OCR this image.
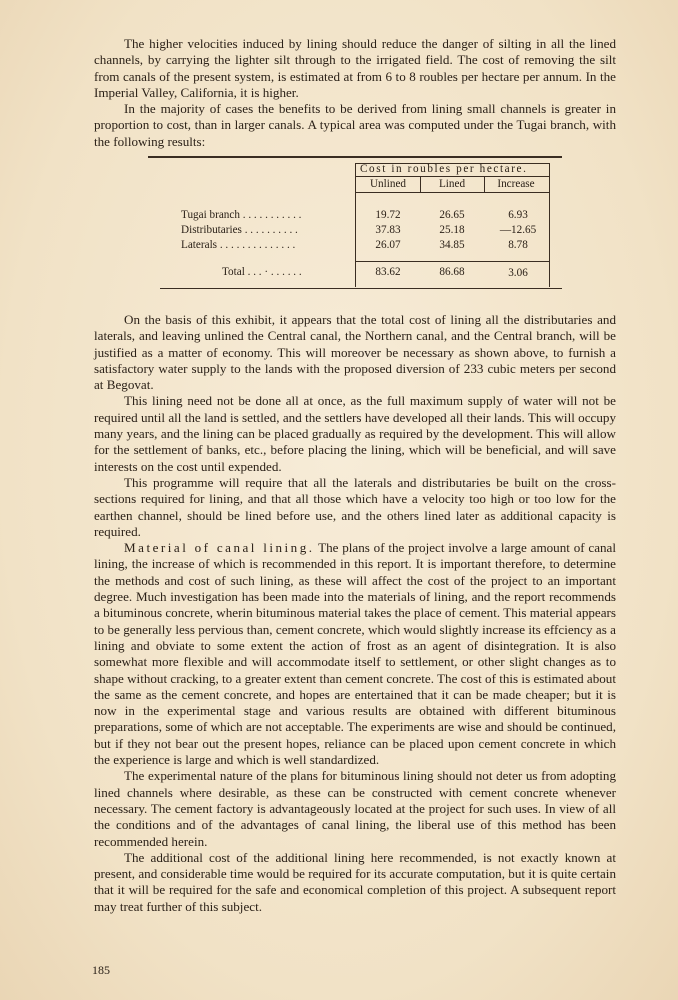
The higher velocities induced by lining should reduce the danger of silting in all the lined channels, by carrying the lighter silt through to the irrigated field. The cost of removing the silt from canals of the present system, is estimated at from 6 to 8 roubles per hectare per annum. In the Imperial Valley, California, it is higher.

In the majority of cases the benefits to be derived from lining small channels is greater in proportion to cost, than in larger canals. A typical area was computed under the Tugai branch, with the following results:

Cost in roubles per hectare.
Unlined	Lined	Increase
Tugai branch . . . . . . . . . . .	19.72	26.65	6.93
Distributaries . . . . . . . . . .	37.83	25.18	—12.65
Laterals . . . . . . . . . . . . . .	26.07	34.85	8.78
Total . . . · . . . . . .	83.62	86.68	3.06

On the basis of this exhibit, it appears that the total cost of lining all the distributaries and laterals, and leaving unlined the Central canal, the Northern canal, and the Central branch, will be justified as a matter of economy. This will moreover be necessary as shown above, to furnish a satisfactory water supply to the lands with the proposed diversion of 233 cubic meters per second at Begovat.

This lining need not be done all at once, as the full maximum supply of water will not be required until all the land is settled, and the settlers have developed all their lands. This will occupy many years, and the lining can be placed gradually as required by the development. This will allow for the settlement of banks, etc., before placing the lining, which will be beneficial, and will save interests on the cost until expended.

This programme will require that all the laterals and distributaries be built on the cross-sections required for lining, and that all those which have a velocity too high or too low for the earthen channel, should be lined before use, and the others lined later as additional capacity is required.

Material of canal lining. The plans of the project involve a large amount of canal lining, the increase of which is recommended in this report. It is important therefore, to determine the methods and cost of such lining, as these will affect the cost of the project to an important degree. Much investigation has been made into the materials of lining, and the report recommends a bituminous concrete, wherin bituminous material takes the place of cement. This material appears to be generally less pervious than, cement concrete, which would slightly increase its effciency as a lining and obviate to some extent the action of frost as an agent of disintegration. It is also somewhat more flexible and will accommodate itself to settlement, or other slight changes as to shape without cracking, to a greater extent than cement concrete. The cost of this is estimated about the same as the cement concrete, and hopes are entertained that it can be made cheaper; but it is now in the experimental stage and various results are obtained with different bituminous preparations, some of which are not acceptable. The experiments are wise and should be continued, but if they not bear out the present hopes, reliance can be placed upon cement concrete in which the experience is large and which is well standardized.

The experimental nature of the plans for bituminous lining should not deter us from adopting lined channels where desirable, as these can be constructed with cement concrete whenever necessary. The cement factory is advantageously located at the project for such uses. In view of all the conditions and of the advantages of canal lining, the liberal use of this method has been recommended herein.

The additional cost of the additional lining here recommended, is not exactly known at present, and considerable time would be required for its accurate computation, but it is quite certain that it will be required for the safe and economical completion of this project. A subsequent report may treat further of this subject.

185
